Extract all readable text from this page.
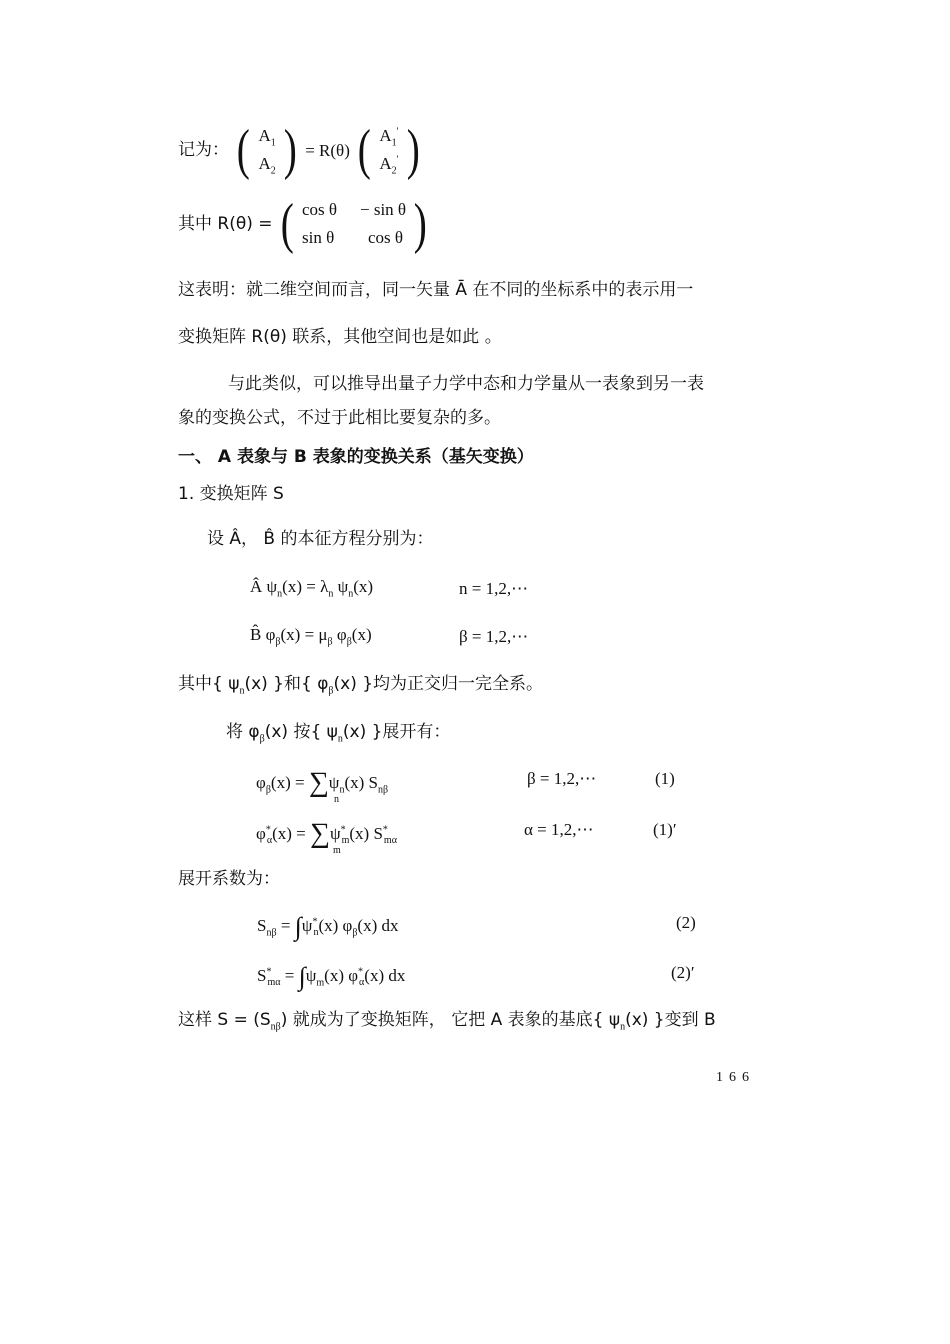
记为： ( $A_1$
$A_2$ ) = R(θ) ( $A_1'$
$A_2'$ )
其中 R(θ) = ( cos θ − sin θ
sin θ cos θ )
这表明：就二维空间而言，同一矢量 Ā 在不同的坐标系中的表示用一
变换矩阵 R(θ) 联系，其他空间也是如此 。
与此类似，可以推导出量子力学中态和力学量从一表象到另一表
象的变换公式，不过于此相比要复杂的多。
一、 A 表象与 B 表象的变换关系（基矢变换）
1. 变换矩阵 S
设 Â， B̂ 的本征方程分别为：
Â $\psi_n(x) = \lambda_n$ $\psi_n(x)$	n = 1,2,⋯
B̂ $\varphi_\beta(x) = \mu_\beta$ $\varphi_\beta(x)$	β = 1,2,⋯
其中{ $\psi_n(x)$ }和{ $\varphi_\beta(x)$ }均为正交归一完全系。
将 $\varphi_\beta(x)$ 按{ $\psi_n(x)$ }展开有：
$\varphi_\beta(x) = \sum\psi_n(x)$ $S_{n\beta}$
n
β = 1,2,⋯	(1)
$\varphi^*_\alpha(x) = \sum\psi^*_m(x)$ $S^*_{m\alpha}$
m
α = 1,2,⋯	(1)′
展开系数为：
$S_{n\beta} = \int\psi^*_n(x)$ $\varphi_\beta(x)$ dx	(2)
$S^*_{m\alpha} = \int\psi_m(x)$ $\varphi^*_\alpha(x)$ dx	(2)′
这样 $S = (S_{n\beta})$ 就成为了变换矩阵， 它把 A 表象的基底{ $\psi_n(x)$ }变到 B
166
